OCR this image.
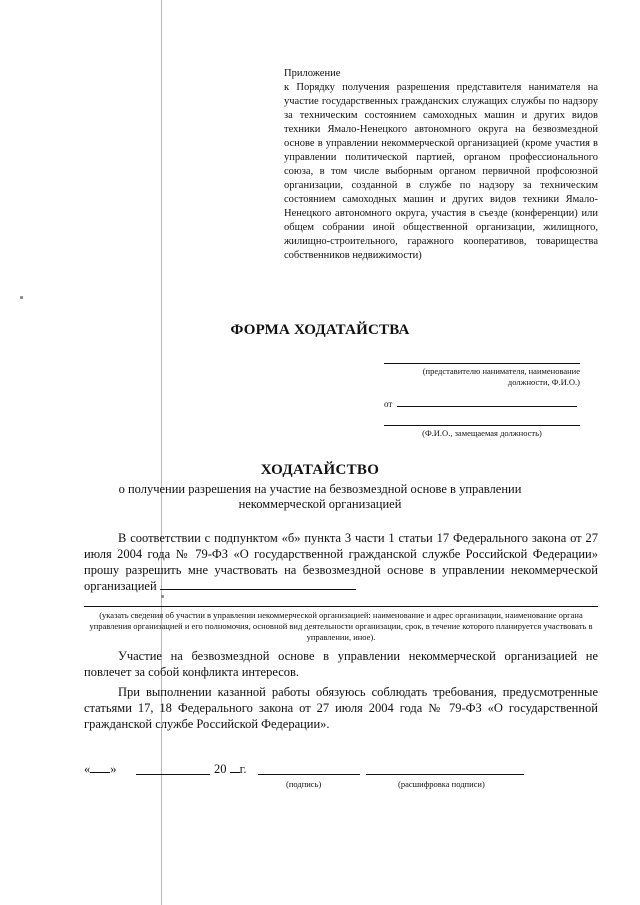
Приложение
к Порядку получения разрешения представителя нанимателя на участие государственных гражданских служащих службы по надзору за техническим состоянием самоходных машин и других видов техники Ямало-Ненецкого автономного округа на безвозмездной основе в управлении некоммерческой организацией (кроме участия в управлении политической партией, органом профессионального союза, в том числе выборным органом первичной профсоюзной организации, созданной в службе по надзору за техническим состоянием самоходных машин и других видов техники Ямало-Ненецкого автономного округа, участия в съезде (конференции) или общем собрании иной общественной организации, жилищного, жилищно-строительного, гаражного кооперативов, товарищества собственников недвижимости)
ФОРМА ХОДАТАЙСТВА
(представителю нанимателя, наименование должности, Ф.И.О.)
от
(Ф.И.О., замещаемая должность)
ХОДАТАЙСТВО
о получении разрешения на участие на безвозмездной основе в управлении некоммерческой организацией
В соответствии с подпунктом «б» пункта 3 части 1 статьи 17 Федерального закона от 27 июля 2004 года № 79-ФЗ «О государственной гражданской службе Российской Федерации» прошу разрешить мне участвовать на безвозмездной основе в управлении некоммерческой организацией
(указать сведения об участии в управлении некоммерческой организацией: наименование и адрес организации, наименование органа управления организацией и его полномочия, основной вид деятельности организации, срок, в течение которого планируется участвовать в управлении, иное).
Участие на безвозмездной основе в управлении некоммерческой организацией не повлечет за собой конфликта интересов.
При выполнении казанной работы обязуюсь соблюдать требования, предусмотренные статьями 17, 18 Федерального закона от 27 июля 2004 года № 79-ФЗ «О государственной гражданской службе Российской Федерации».
« »	20 г.
(подпись)	(расшифровка подписи)
